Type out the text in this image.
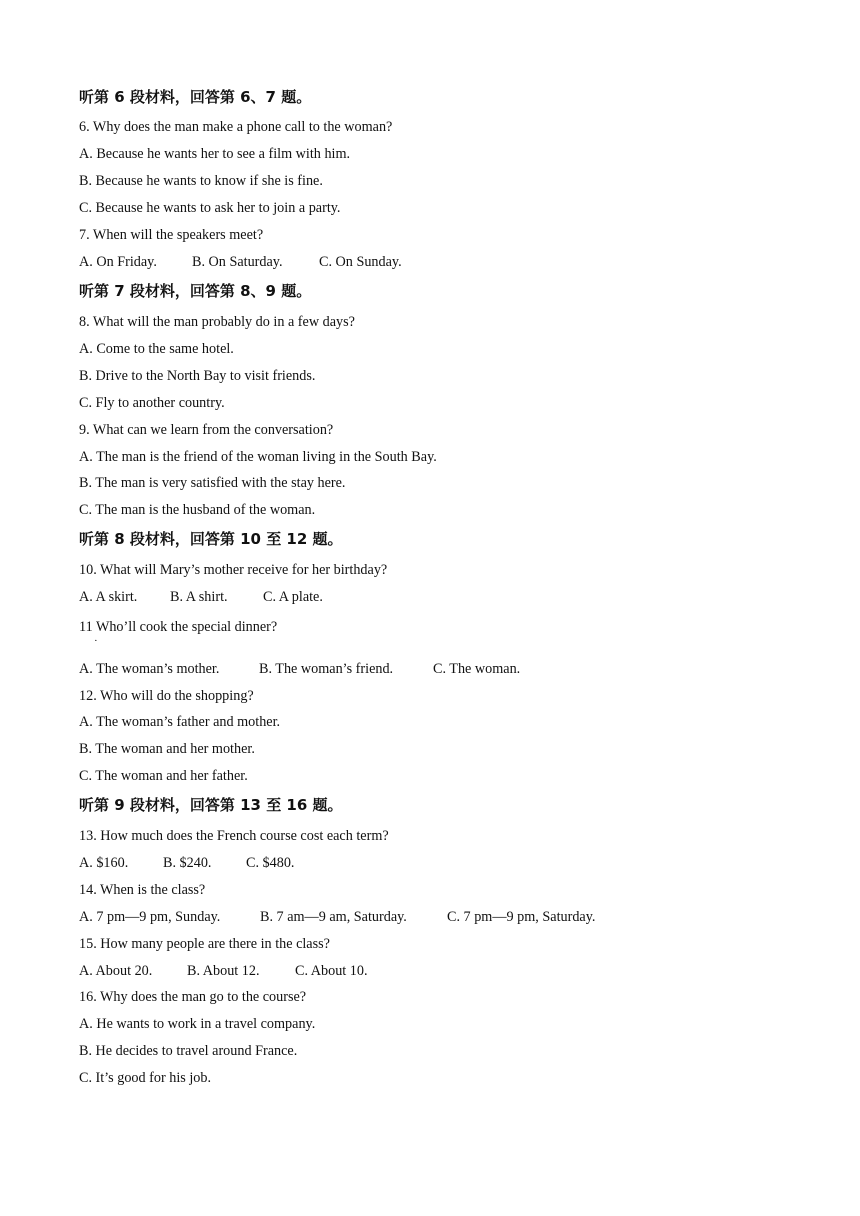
·
听第 6 段材料，回答第 6、7 题。
6. Why does the man make a phone call to the woman?
A. Because he wants her to see a film with him.
B. Because he wants to know if she is fine.
C. Because he wants to ask her to join a party.
7. When will the speakers meet?
A. On Friday. B. On Saturday.	C. On Sunday.
听第 7 段材料，回答第 8、9 题。
8. What will the man probably do in a few days?
A. Come to the same hotel.
B. Drive to the North Bay to visit friends.
C. Fly to another country.
9. What can we learn from the conversation?
A. The man is the friend of the woman living in the South Bay.
B. The man is very satisfied with the stay here.
C. The man is the husband of the woman.
听第 8 段材料，回答第 10 至 12 题。
10. What will Mary’s mother receive for her birthday?
A. A skirt. B. A shirt. C. A plate.
11 Who’ll cook the special dinner?
A. The woman’s mother.	B. The woman’s friend.	C. The woman.
12. Who will do the shopping?
A. The woman’s father and mother.
B. The woman and her mother.
C. The woman and her father.
听第 9 段材料，回答第 13 至 16 题。
13. How much does the French course cost each term?
A. $160. B. $240. C. $480.
14. When is the class?
A. 7 pm—9 pm, Sunday.	B. 7 am—9 am, Saturday.	C. 7 pm—9 pm, Saturday.
15. How many people are there in the class?
A. About 20. B. About 12. C. About 10.
16. Why does the man go to the course?
A. He wants to work in a travel company.
B. He decides to travel around France.
C. It’s good for his job.
